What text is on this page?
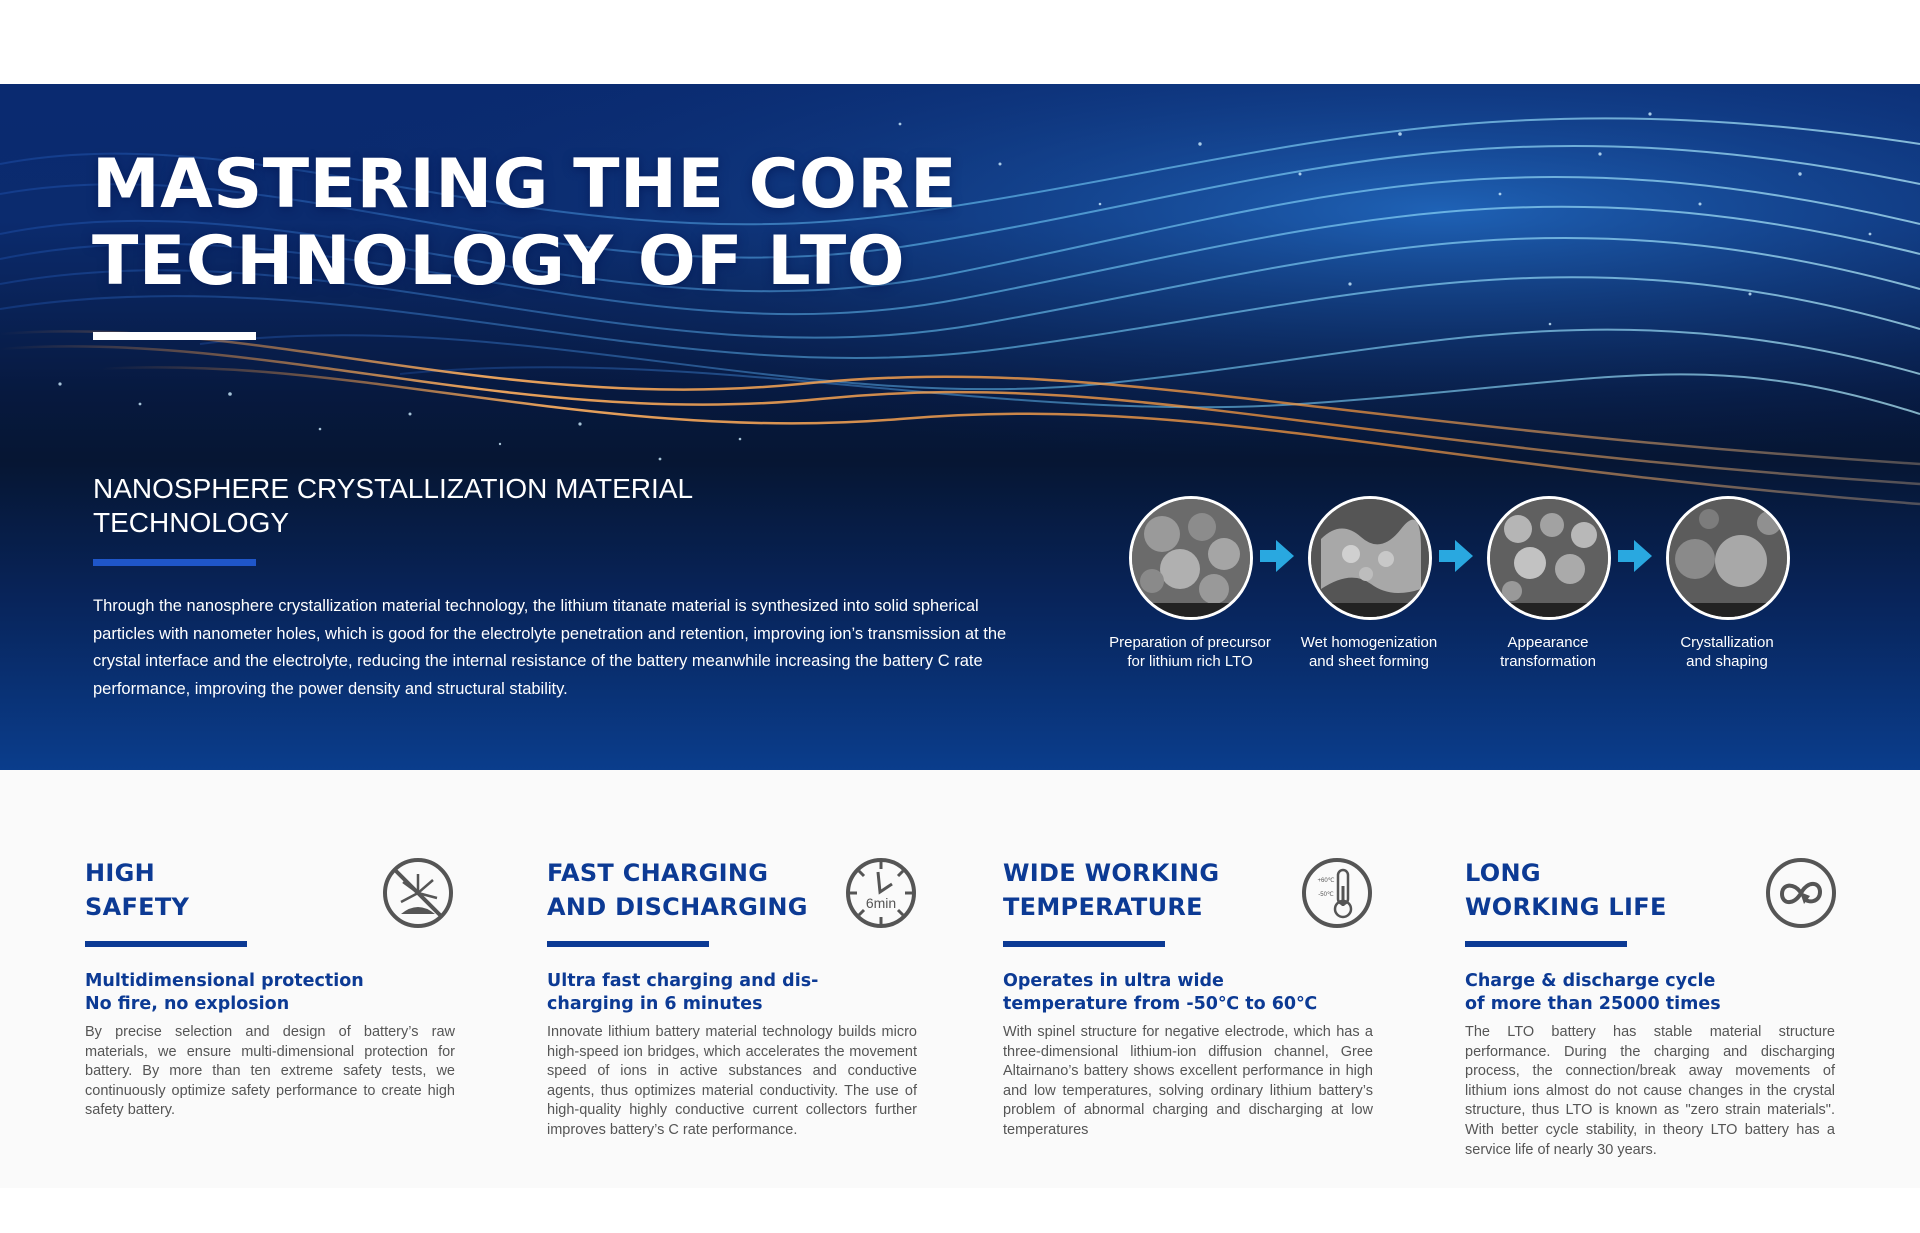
MASTERING THE CORE
TECHNOLOGY OF LTO
NANOSPHERE CRYSTALLIZATION MATERIAL
TECHNOLOGY

Through the nanosphere crystallization material technology, the lithium titanate material is synthesized into solid spherical particles with nanometer holes, which is good for the electrolyte penetration and retention, improving ion’s transmission at the crystal interface and the electrolyte, reducing the internal resistance of the battery meanwhile increasing the battery C rate performance, improving the power density and structural stability.

Preparation of precursor
for lithium rich LTO
Wet homogenization
and sheet forming
Appearance
transformation
Crystallization
and shaping
HIGH
SAFETY
Multidimensional protection
No fire, no explosion

By precise selection and design of battery’s raw materials, we ensure multi-dimensional protection for battery. By more than ten extreme safety tests, we continuously optimize safety performance to create high safety battery.

FAST CHARGING
AND DISCHARGING	6min
Ultra fast charging and dis-
charging in 6 minutes

Innovate lithium battery material technology builds micro high-speed ion bridges, which accelerates the movement speed of ions in active substances and conductive agents, thus optimizes material conductivity. The use of high-quality highly conductive current collectors further improves battery’s C rate performance.

WIDE WORKING
TEMPERATURE
+60℃
-50℃
Operates in ultra wide
temperature from -50℃ to 60℃

With spinel structure for negative electrode, which has a three-dimensional lithium-ion diffusion channel, Gree Altairnano’s battery shows excellent performance in high and low temperatures, solving ordinary lithium battery’s problem of abnormal charging and discharging at low temperatures

LONG
WORKING LIFE
Charge & discharge cycle
of more than 25000 times

The LTO battery has stable material structure performance. During the charging and discharging process, the connection/break away movements of lithium ions almost do not cause changes in the crystal structure, thus LTO is known as "zero strain materials". With better cycle stability, in theory LTO battery has a service life of nearly 30 years.
